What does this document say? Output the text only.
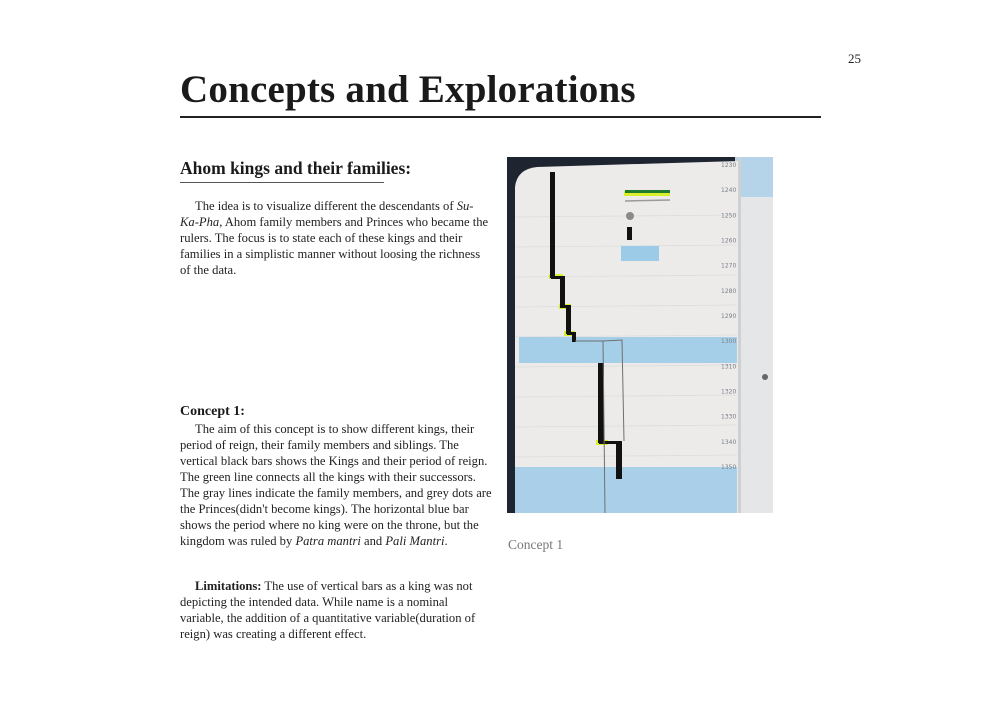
25
Concepts and Explorations
Ahom kings and their families:

The idea is to visualize different the descendants of Su-Ka-Pha, Ahom family members and Princes who became the rulers. The focus is to state each of these kings and their families in a simplistic manner without loosing the richness of the data.

Concept 1:

The aim of this concept is to show different kings, their period of reign, their family members and siblings. The vertical black bars shows the Kings and their period of reign. The green line connects all the kings with their successors. The gray lines indicate the family members, and grey dots are the Princes(didn't become kings). The horizontal blue bar shows the period where no king were on the throne, but the kingdom was ruled by Patra mantri and Pali Mantri.

Limitations: The use of vertical bars as a king was not depicting the intended data. While name is a nominal variable, the addition of a quantitative variable(duration of reign) was creating a different effect.

1230
1240
1250
1260
1270
1280
1290
1300
1310
1320
1330
1340
1350
Concept 1
